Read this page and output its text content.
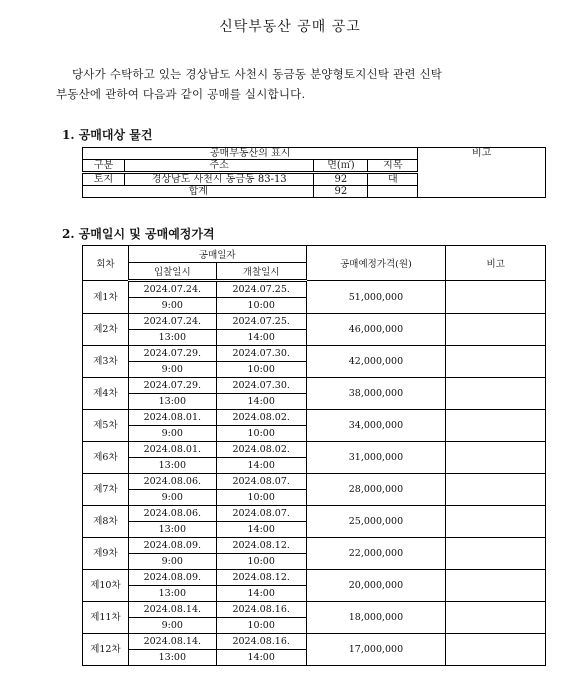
신탁부동산 공매 공고
당사가 수탁하고 있는 경상남도 사천시 동금동 분양형토지신탁 관련 신탁
부동산에 관하여 다음과 같이 공매를 실시합니다.
1. 공매대상 물건
공매부동산의 표시				비고
구분	주소	면(㎡)	지목	
토지	경상남도 사천시 동금동 83-13	92	대	
합계		92		
2. 공매일시 및 공매예정가격
회차	공매일자		공매예정가격(원)	비고
	입찰일시	개찰일시		
제1차	2024.07.24.	2024.07.25.	51,000,000	
	9:00	10:00		
제2차	2024.07.24.	2024.07.25.	46,000,000	
	13:00	14:00		
제3차	2024.07.29.	2024.07.30.	42,000,000	
	9:00	10:00		
제4차	2024.07.29.	2024.07.30.	38,000,000	
	13:00	14:00		
제5차	2024.08.01.	2024.08.02.	34,000,000	
	9:00	10:00		
제6차	2024.08.01.	2024.08.02.	31,000,000	
	13:00	14:00		
제7차	2024.08.06.	2024.08.07.	28,000,000	
	9:00	10:00		
제8차	2024.08.06.	2024.08.07.	25,000,000	
	13:00	14:00		
제9차	2024.08.09.	2024.08.12.	22,000,000	
	9:00	10:00		
제10차	2024.08.09.	2024.08.12.	20,000,000	
	13:00	14:00		
제11차	2024.08.14.	2024.08.16.	18,000,000	
	9:00	10:00		
제12차	2024.08.14.	2024.08.16.	17,000,000	
	13:00	14:00		
